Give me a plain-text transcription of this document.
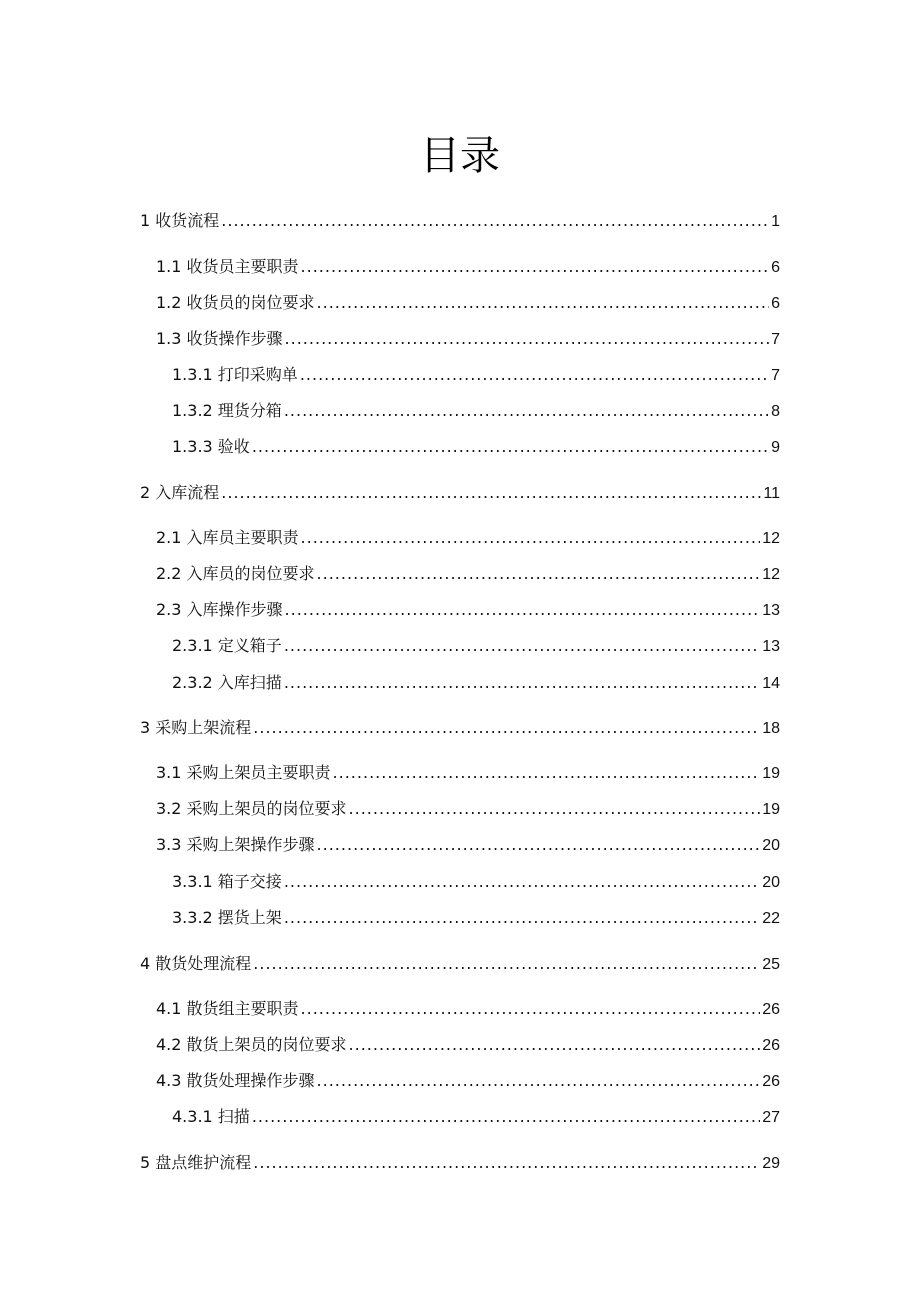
目录
1 收货流程 .....	1
1.1 收货员主要职责 .....	6
1.2 收货员的岗位要求 .....	6
1.3 收货操作步骤 .....	7
1.3.1 打印采购单 .....	7
1.3.2 理货分箱 .....	8
1.3.3 验收 .....	9
2 入库流程 .....	11
2.1 入库员主要职责 .....	12
2.2 入库员的岗位要求 .....	12
2.3 入库操作步骤 .....	13
2.3.1 定义箱子 .....	13
2.3.2 入库扫描 .....	14
3 采购上架流程 .....	18
3.1 采购上架员主要职责 .....	19
3.2 采购上架员的岗位要求 .....	19
3.3 采购上架操作步骤 .....	20
3.3.1 箱子交接 .....	20
3.3.2 摆货上架 .....	22
4 散货处理流程 .....	25
4.1 散货组主要职责 .....	26
4.2 散货上架员的岗位要求 .....	26
4.3 散货处理操作步骤 .....	26
4.3.1 扫描 .....	27
5 盘点维护流程 .....	29
